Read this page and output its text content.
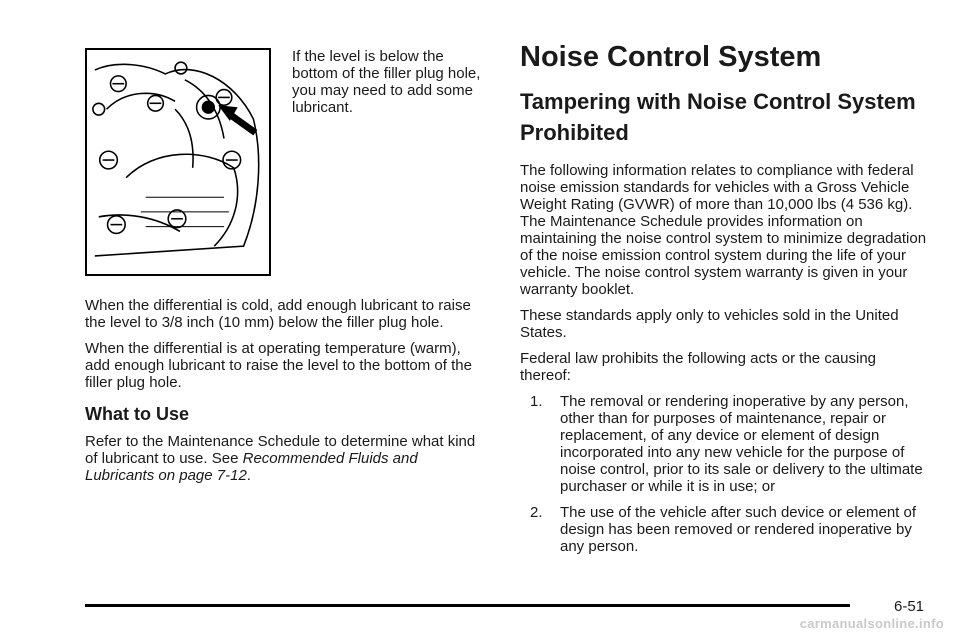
If the level is below the bottom of the filler plug hole, you may need to add some lubricant.

When the differential is cold, add enough lubricant to raise the level to 3/8 inch (10 mm) below the filler plug hole.

When the differential is at operating temperature (warm), add enough lubricant to raise the level to the bottom of the filler plug hole.

What to Use

Refer to the Maintenance Schedule to determine what kind of lubricant to use. See Recommended Fluids and Lubricants on page 7-12.

Noise Control System
Tampering with Noise Control System Prohibited

The following information relates to compliance with federal noise emission standards for vehicles with a Gross Vehicle Weight Rating (GVWR) of more than 10,000 lbs (4 536 kg). The Maintenance Schedule provides information on maintaining the noise control system to minimize degradation of the noise emission control system during the life of your vehicle. The noise control system warranty is given in your warranty booklet.

These standards apply only to vehicles sold in the United States.

Federal law prohibits the following acts or the causing thereof:

1. The removal or rendering inoperative by any person, other than for purposes of maintenance, repair or replacement, of any device or element of design incorporated into any new vehicle for the purpose of noise control, prior to its sale or delivery to the ultimate purchaser or while it is in use; or
2. The use of the vehicle after such device or element of design has been removed or rendered inoperative by any person.
6-51
carmanualsonline.info
